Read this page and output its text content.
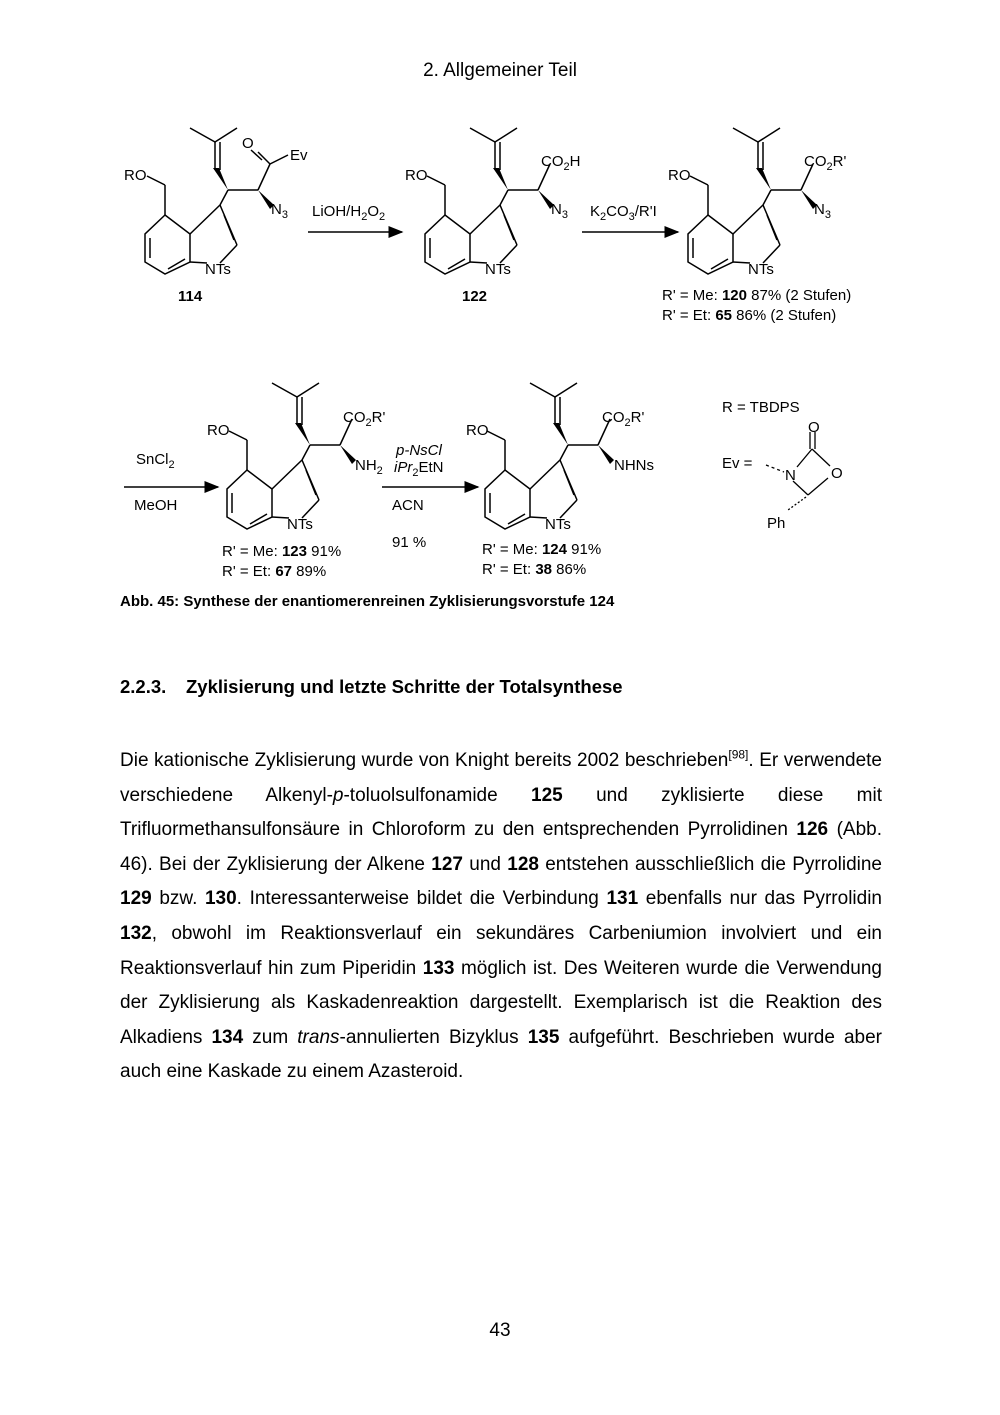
2. Allgemeiner Teil
RO
NTs
O
Ev
$N_3$
114
LiOH/$H_2O_2$
RO
NTs
$CO_2H$
$N_3$
122
$K_2CO_3/R'I$
RO
NTs
$CO_2R'$
$N_3$
R' = Me: 120 87% (2 Stufen)
R' = Et: 65 86% (2 Stufen)
SnCl$_2$
MeOH
RO
NTs
$CO_2R'$
$NH_2$
R' = Me: 123 91%
R' = Et: 67 89%
p-NsCl
iPr$_2$EtN
ACN
91 %
RO
NTs
$CO_2R'$
NHNs
R' = Me: 124 91%
R' = Et: 38 86%
R = TBDPS
Ev =
N
O
O
Ph
Abb. 45: Synthese der enantiomerenreinen Zyklisierungsvorstufe 124
2.2.3. Zyklisierung und letzte Schritte der Totalsynthese

Die kationische Zyklisierung wurde von Knight bereits 2002 beschrieben[98]. Er verwendete verschiedene Alkenyl-p-toluolsulfonamide 125 und zyklisierte diese mit Trifluormethansulfonsäure in Chloroform zu den entsprechenden Pyrrolidinen 126 (Abb. 46). Bei der Zyklisierung der Alkene 127 und 128 entstehen ausschließlich die Pyrrolidine 129 bzw. 130. Interessanterweise bildet die Verbindung 131 ebenfalls nur das Pyrrolidin 132, obwohl im Reaktionsverlauf ein sekundäres Carbeniumion involviert und ein Reaktionsverlauf hin zum Piperidin 133 möglich ist. Des Weiteren wurde die Verwendung der Zyklisierung als Kaskadenreaktion dargestellt. Exemplarisch ist die Reaktion des Alkadiens 134 zum trans-annulierten Bizyklus 135 aufgeführt. Beschrieben wurde aber auch eine Kaskade zu einem Azasteroid.

43
